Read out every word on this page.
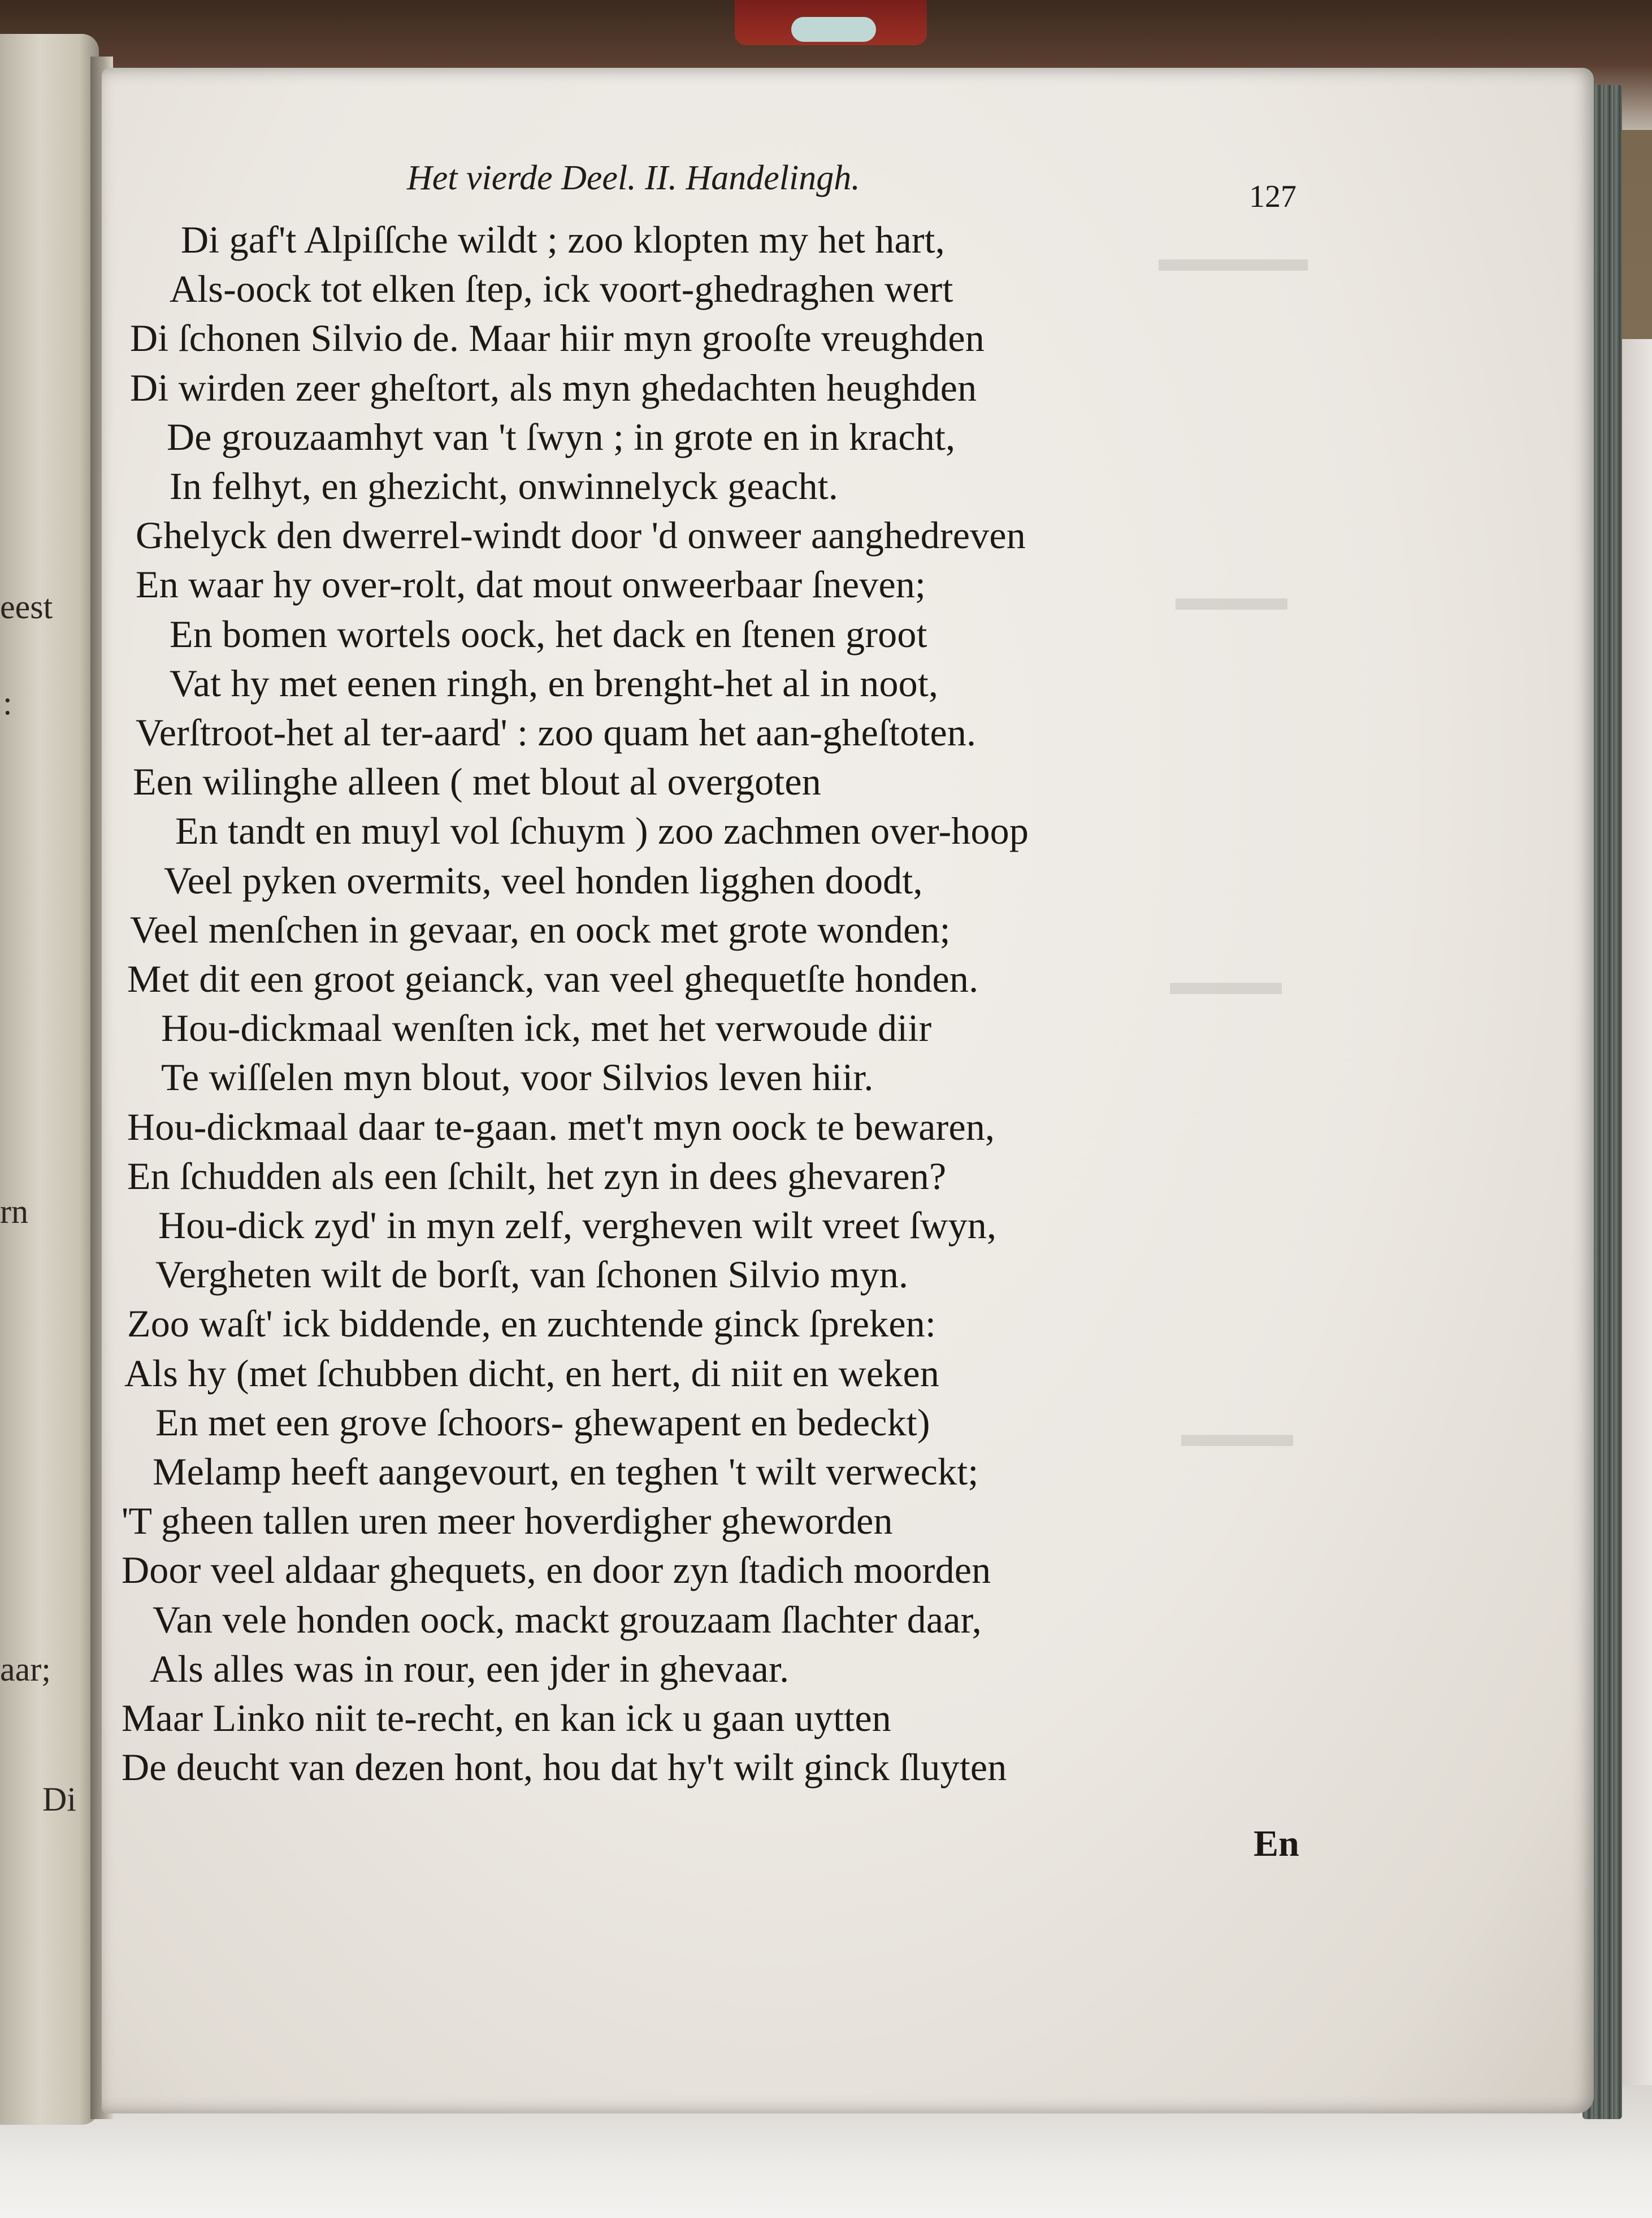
eest
:
rn
aar;
Di
▬▬▬▬
▬▬▬
▬▬▬
▬▬▬
Het vierde Deel. II. Handelingh.	127
Di gaf't Alpiſſche wildt ; zoo klopten my het hart,
Als-oock tot elken ſtep, ick voort-ghedraghen wert
Di ſchonen Silvio de. Maar hiir myn grooſte vreughden
Di wirden zeer gheſtort, als myn ghedachten heughden
De grouzaamhyt van 't ſwyn ; in grote en in kracht,
In felhyt, en ghezicht, onwinnelyck geacht.
Ghelyck den dwerrel-windt door 'd onweer aanghedreven
En waar hy over-rolt, dat mout onweerbaar ſneven;
En bomen wortels oock, het dack en ſtenen groot
Vat hy met eenen ringh, en brenght-het al in noot,
Verſtroot-het al ter-aard' : zoo quam het aan-gheſtoten.
Een wilinghe alleen ( met blout al overgoten
En tandt en muyl vol ſchuym ) zoo zachmen over-hoop
Veel pyken overmits, veel honden ligghen doodt,
Veel menſchen in gevaar, en oock met grote wonden;
Met dit een groot geianck, van veel ghequetſte honden.
Hou-dickmaal wenſten ick, met het verwoude diir
Te wiſſelen myn blout, voor Silvios leven hiir.
Hou-dickmaal daar te-gaan. met't myn oock te bewaren,
En ſchudden als een ſchilt, het zyn in dees ghevaren?
Hou-dick zyd' in myn zelf, vergheven wilt vreet ſwyn,
Vergheten wilt de borſt, van ſchonen Silvio myn.
Zoo waſt' ick biddende, en zuchtende ginck ſpreken:
Als hy (met ſchubben dicht, en hert, di niit en weken
En met een grove ſchoors- ghewapent en bedeckt)
Melamp heeft aangevourt, en teghen 't wilt verweckt;
'T gheen tallen uren meer hoverdigher gheworden
Door veel aldaar ghequets, en door zyn ſtadich moorden
Van vele honden oock, mackt grouzaam ſlachter daar,
Als alles was in rour, een jder in ghevaar.
Maar Linko niit te-recht, en kan ick u gaan uytten
De deucht van dezen hont, hou dat hy't wilt ginck ſluyten
En
